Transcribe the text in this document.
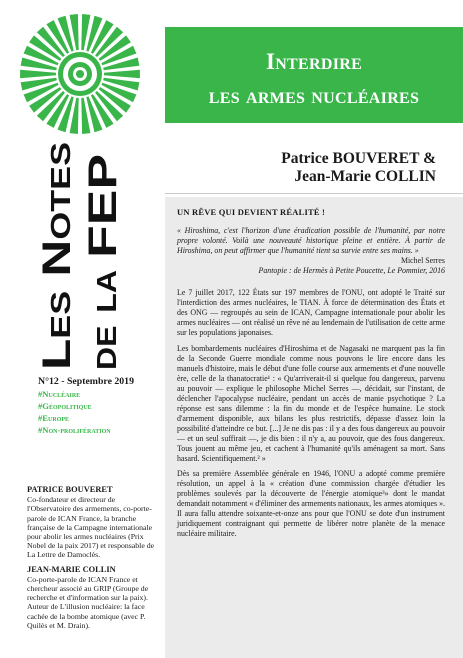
Les Notes de la
FEP
Interdire
les armes nucléaires
Patrice BOUVERET &
Jean-Marie COLLIN
N°12 - Septembre 2019
#Nucléaire
#Géopolitique
#Europe
#Non-prolifération

PATRICE BOUVERET

Co-fondateur et directeur de l'Observatoire des armements, co-porte-parole de ICAN France, la branche française de la Campagne internationale pour abolir les armes nucléaires (Prix Nobel de la paix 2017) et responsable de La Lettre de Damoclès.

JEAN-MARIE COLLIN

Co-porte-parole de ICAN France et chercheur associé au GRIP (Groupe de recherche et d'information sur la paix). Auteur de L'illusion nucléaire: la face cachée de la bombe atomique (avec P. Quilès et M. Drain).

UN RÊVE QUI DEVIENT RÉALITÉ !

« Hiroshima, c'est l'horizon d'une éradication possible de l'humanité, par notre propre volonté. Voilà une nouveauté historique pleine et entière. À partir de Hiroshima, on peut affirmer que l'humanité tient sa survie entre ses mains. »

Michel Serres

Pantopie : de Hermès à Petite Poucette, Le Pommier, 2016

Le 7 juillet 2017, 122 États sur 197 membres de l'ONU, ont adopté le Traité sur l'interdiction des armes nucléaires, le TIAN. À force de détermination des États et des ONG — regroupés au sein de ICAN, Campagne internationale pour abolir les armes nucléaires — ont réalisé un rêve né au lendemain de l'utilisation de cette arme sur les populations japonaises.

Les bombardements nucléaires d'Hiroshima et de Nagasaki ne marquent pas la fin de la Seconde Guerre mondiale comme nous pouvons le lire encore dans les manuels d'histoire, mais le début d'une folle course aux armements et d'une nouvelle ère, celle de la thanatocratie¹ : « Qu'arriverait-il si quelque fou dangereux, parvenu au pouvoir — explique le philosophe Michel Serres —, décidait, sur l'instant, de déclencher l'apocalypse nucléaire, pendant un accès de manie psychotique ? La réponse est sans dilemme : la fin du monde et de l'espèce humaine. Le stock d'armement disponible, aux bilans les plus restrictifs, dépasse d'assez loin la possibilité d'atteindre ce but. [...] Je ne dis pas : il y a des fous dangereux au pouvoir — et un seul suffirait —, je dis bien : il n'y a, au pouvoir, que des fous dangereux. Tous jouent au même jeu, et cachent à l'humanité qu'ils aménagent sa mort. Sans hasard. Scientifiquement.² »

Dès sa première Assemblée générale en 1946, l'ONU a adopté comme première résolution, un appel à la « création d'une commission chargée d'étudier les problèmes soulevés par la découverte de l'énergie atomique³» dont le mandat demandait notamment « d'éliminer des armements nationaux, les armes atomiques ». Il aura fallu attendre soixante-et-onze ans pour que l'ONU se dote d'un instrument juridiquement contraignant qui permette de libérer notre planète de la menace nucléaire militaire.
